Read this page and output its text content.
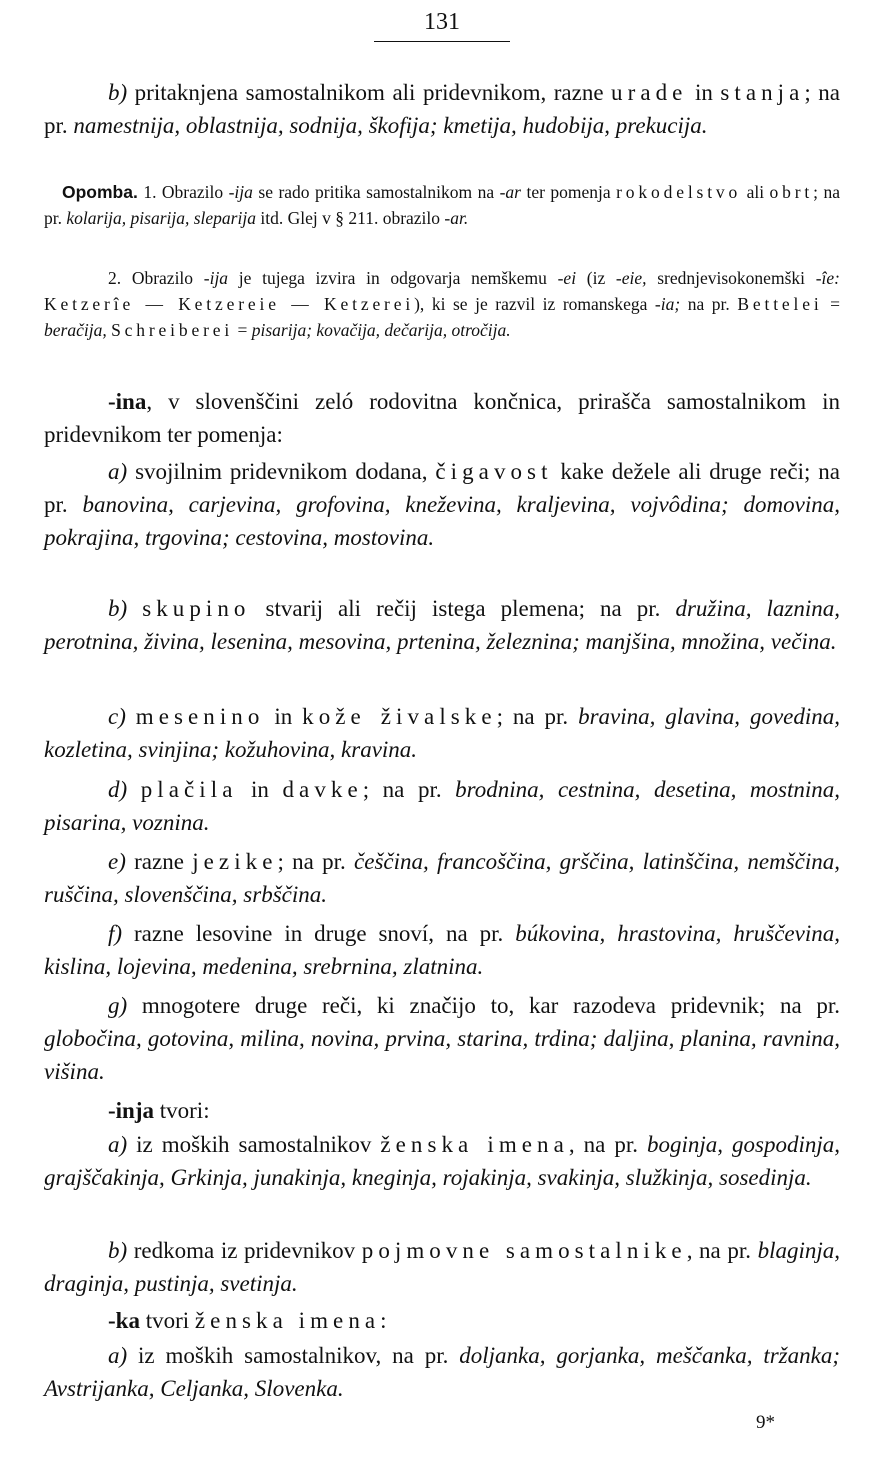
131
b) pritaknjena samostalnikom ali pridevnikom, razne urade in stanja; na pr. namestnija, oblastnija, sodnija, škofija; kmetija, hudobija, prekucija.
Opomba. 1. Obrazilo -ija se rado pritika samostalnikom na -ar ter pomenja rokodelstvo ali obrt; na pr. kolarija, pisarija, sleparija itd. Glej v § 211. obrazilo -ar.
2. Obrazilo -ija je tujega izvira in odgovarja nemškemu -ei (iz -eie, srednjevisokonemški -îe: Ketzerîe — Ketzereie — Ketzerei), ki se je razvil iz romanskega -ia; na pr. Bettelei = beračija, Schreiberei = pisarija; kovačija, dečarija, otročija.
-ina, v slovenščini zeló rodovitna končnica, prirašča samostalnikom in pridevnikom ter pomenja:
a) svojilnim pridevnikom dodana, čigavost kake dežele ali druge reči; na pr. banovina, carjevina, grofovina, kneževina, kraljevina, vojvôdina; domovina, pokrajina, trgovina; cestovina, mostovina.
b) skupino stvarij ali rečij istega plemena; na pr. družina, laznina, perotnina, živina, lesenina, mesovina, prtenina, železnina; manjšina, množina, večina.
c) mesenino in kože živalske; na pr. bravina, glavina, govedina, kozletina, svinjina; kožuhovina, kravina.
d) plačila in davke; na pr. brodnina, cestnina, desetina, mostnina, pisarina, voznina.
e) razne jezike; na pr. češčina, francoščina, grščina, latinščina, nemščina, ruščina, slovenščina, srbščina.
f) razne lesovine in druge snoví, na pr. búkovina, hrastovina, hruščevina, kislina, lojevina, medenina, srebrnina, zlatnina.
g) mnogotere druge reči, ki značijo to, kar razodeva pridevnik; na pr. globočina, gotovina, milina, novina, prvina, starina, trdina; daljina, planina, ravnina, višina.
-inja tvori:
a) iz moških samostalnikov ženska imena, na pr. boginja, gospodinja, grajščakinja, Grkinja, junakinja, kneginja, rojakinja, svakinja, služkinja, sosedinja.
b) redkoma iz pridevnikov pojmovne samostalnike, na pr. blaginja, draginja, pustinja, svetinja.
-ka tvori ženska imena:
a) iz moških samostalnikov, na pr. doljanka, gorjanka, meščanka, tržanka; Avstrijanka, Celjanka, Slovenka.
9*
